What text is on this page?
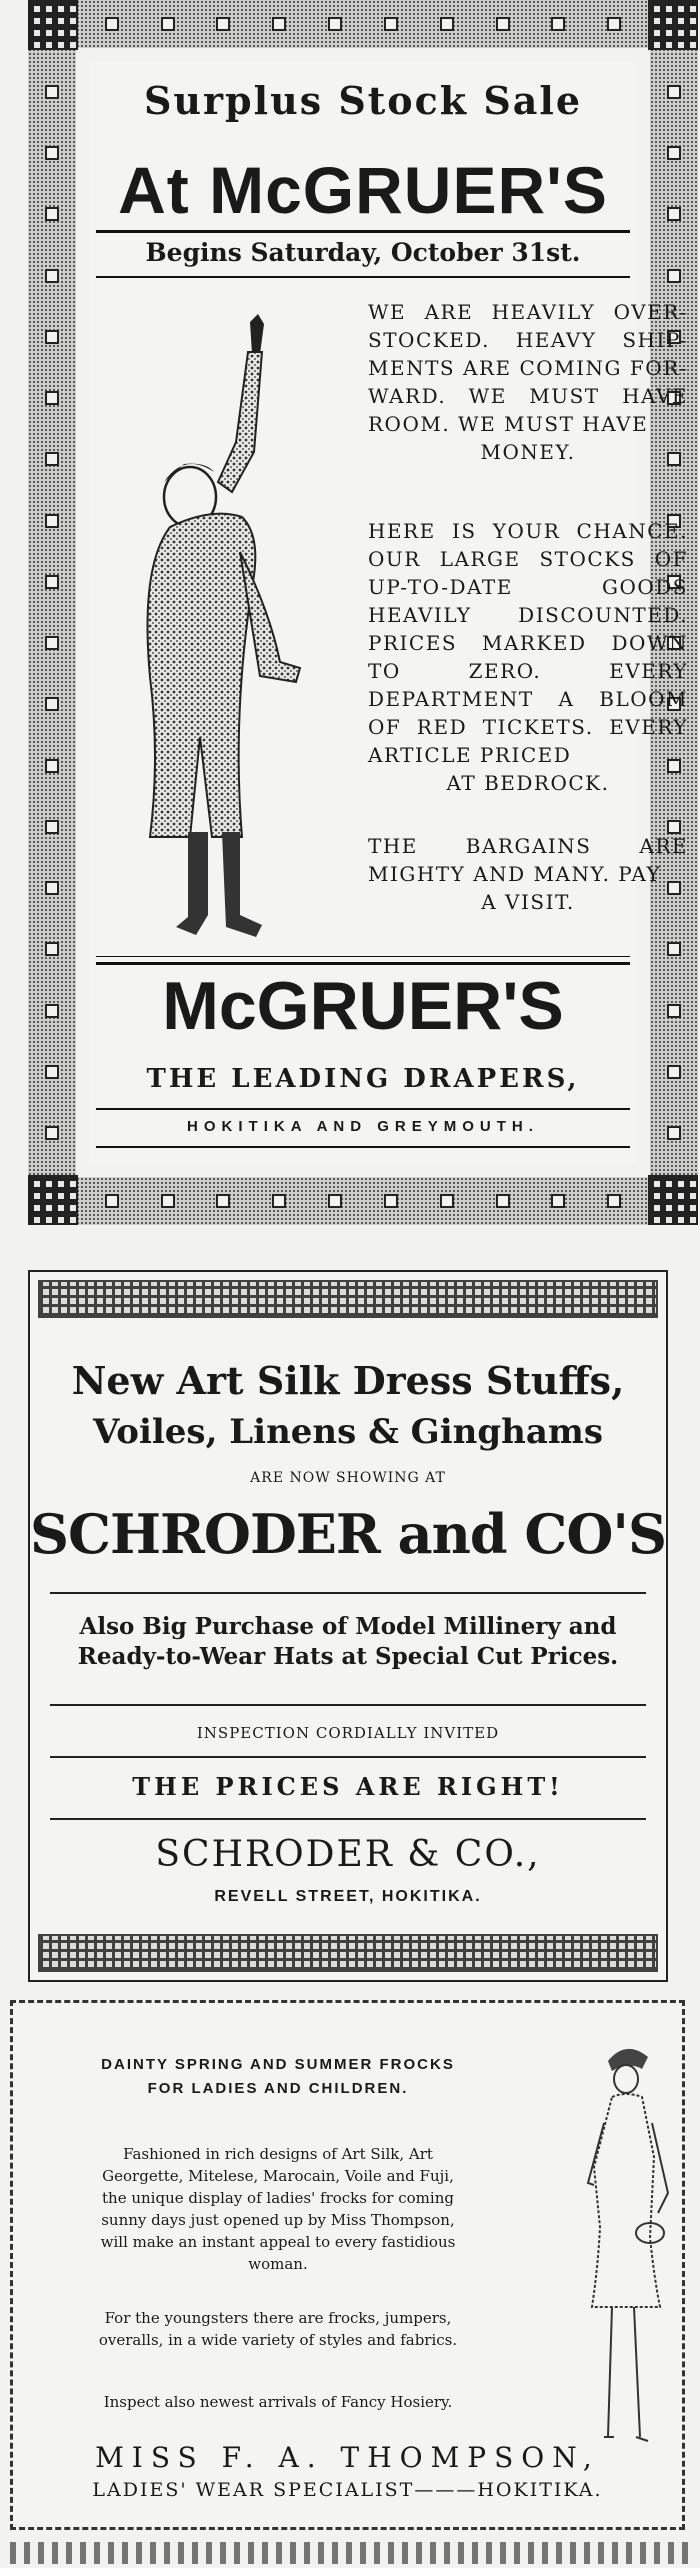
Surplus Stock Sale
At McGRUER'S
Begins Saturday, October 31st.
WE ARE HEAVILY OVER-STOCKED. HEAVY SHIP-MENTS ARE COMING FOR-WARD. WE MUST HAVE ROOM. WE MUST HAVE
MONEY.
HERE IS YOUR CHANCE. OUR LARGE STOCKS OF UP-TO-DATE GOODS HEAVILY DISCOUNTED. PRICES MARKED DOWN TO ZERO. EVERY DEPARTMENT A BLOOM OF RED TICKETS. EVERY ARTICLE PRICED
AT BEDROCK.
THE BARGAINS ARE MIGHTY AND MANY. PAY
A VISIT.
McGRUER'S
THE LEADING DRAPERS,
HOKITIKA AND GREYMOUTH.
New Art Silk Dress Stuffs,
Voiles, Linens & Ginghams
ARE NOW SHOWING AT
SCHRODER and CO'S
Also Big Purchase of Model Millinery and Ready-to-Wear Hats at Special Cut Prices.
INSPECTION CORDIALLY INVITED
THE PRICES ARE RIGHT!
SCHRODER & CO.,
REVELL STREET, HOKITIKA.
DAINTY SPRING AND SUMMER FROCKS FOR LADIES AND CHILDREN.
Fashioned in rich designs of Art Silk, Art Georgette, Mitelese, Marocain, Voile and Fuji, the unique display of ladies' frocks for coming sunny days just opened up by Miss Thompson, will make an instant appeal to every fastidious woman.
For the youngsters there are frocks, jumpers, overalls, in a wide variety of styles and fabrics.
Inspect also newest arrivals of Fancy Hosiery.
MISS F. A. THOMPSON,
LADIES' WEAR SPECIALIST———HOKITIKA.
